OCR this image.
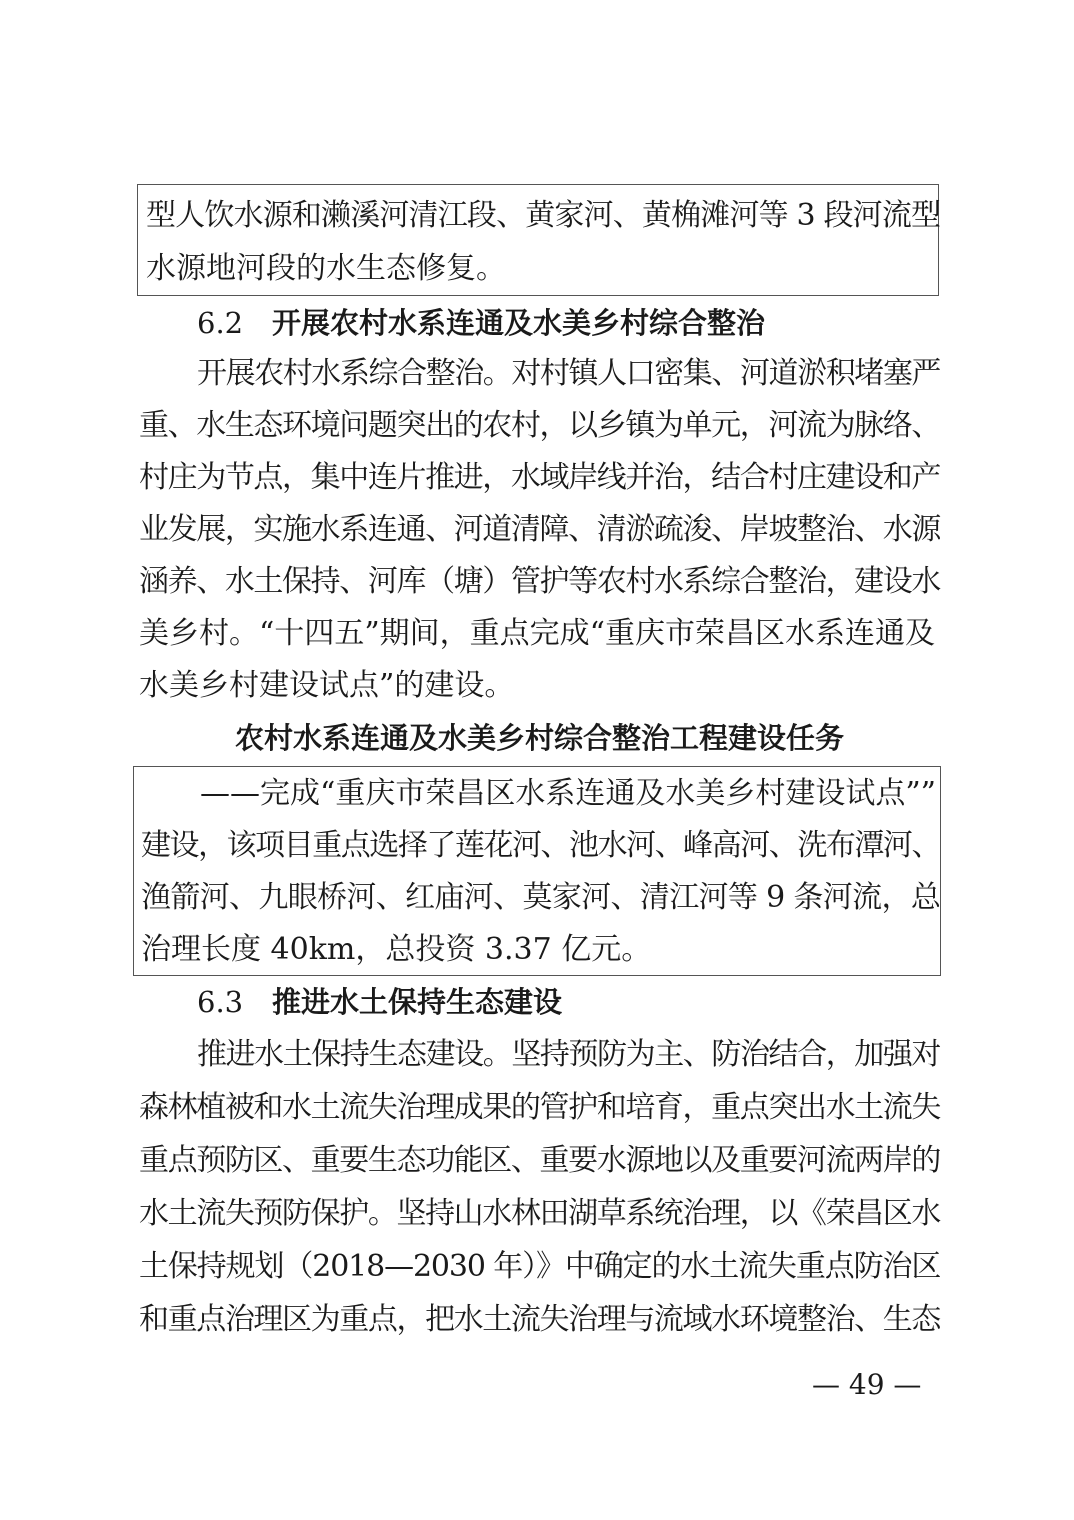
型人饮水源和濑溪河清江段、黄家河、黄桷滩河等 3 段河流型
水源地河段的水生态修复。
6.2 开展农村水系连通及水美乡村综合整治
开展农村水系综合整治。对村镇人口密集、河道淤积堵塞严
重、水生态环境问题突出的农村，以乡镇为单元，河流为脉络、
村庄为节点，集中连片推进，水域岸线并治，结合村庄建设和产
业发展，实施水系连通、河道清障、清淤疏浚、岸坡整治、水源
涵养、水土保持、河库（塘）管护等农村水系综合整治，建设水
美乡村。“十四五”期间，重点完成“重庆市荣昌区水系连通及
水美乡村建设试点”的建设。
农村水系连通及水美乡村综合整治工程建设任务
——完成“重庆市荣昌区水系连通及水美乡村建设试点””
建设，该项目重点选择了莲花河、池水河、峰高河、洗布潭河、
渔箭河、九眼桥河、红庙河、莫家河、清江河等 9 条河流，总
治理长度 40km，总投资 3.37 亿元。
6.3 推进水土保持生态建设
推进水土保持生态建设。坚持预防为主、防治结合，加强对
森林植被和水土流失治理成果的管护和培育，重点突出水土流失
重点预防区、重要生态功能区、重要水源地以及重要河流两岸的
水土流失预防保护。坚持山水林田湖草系统治理，以《荣昌区水
土保持规划（2018—2030 年）》中确定的水土流失重点防治区
和重点治理区为重点，把水土流失治理与流域水环境整治、生态
— 49 —
